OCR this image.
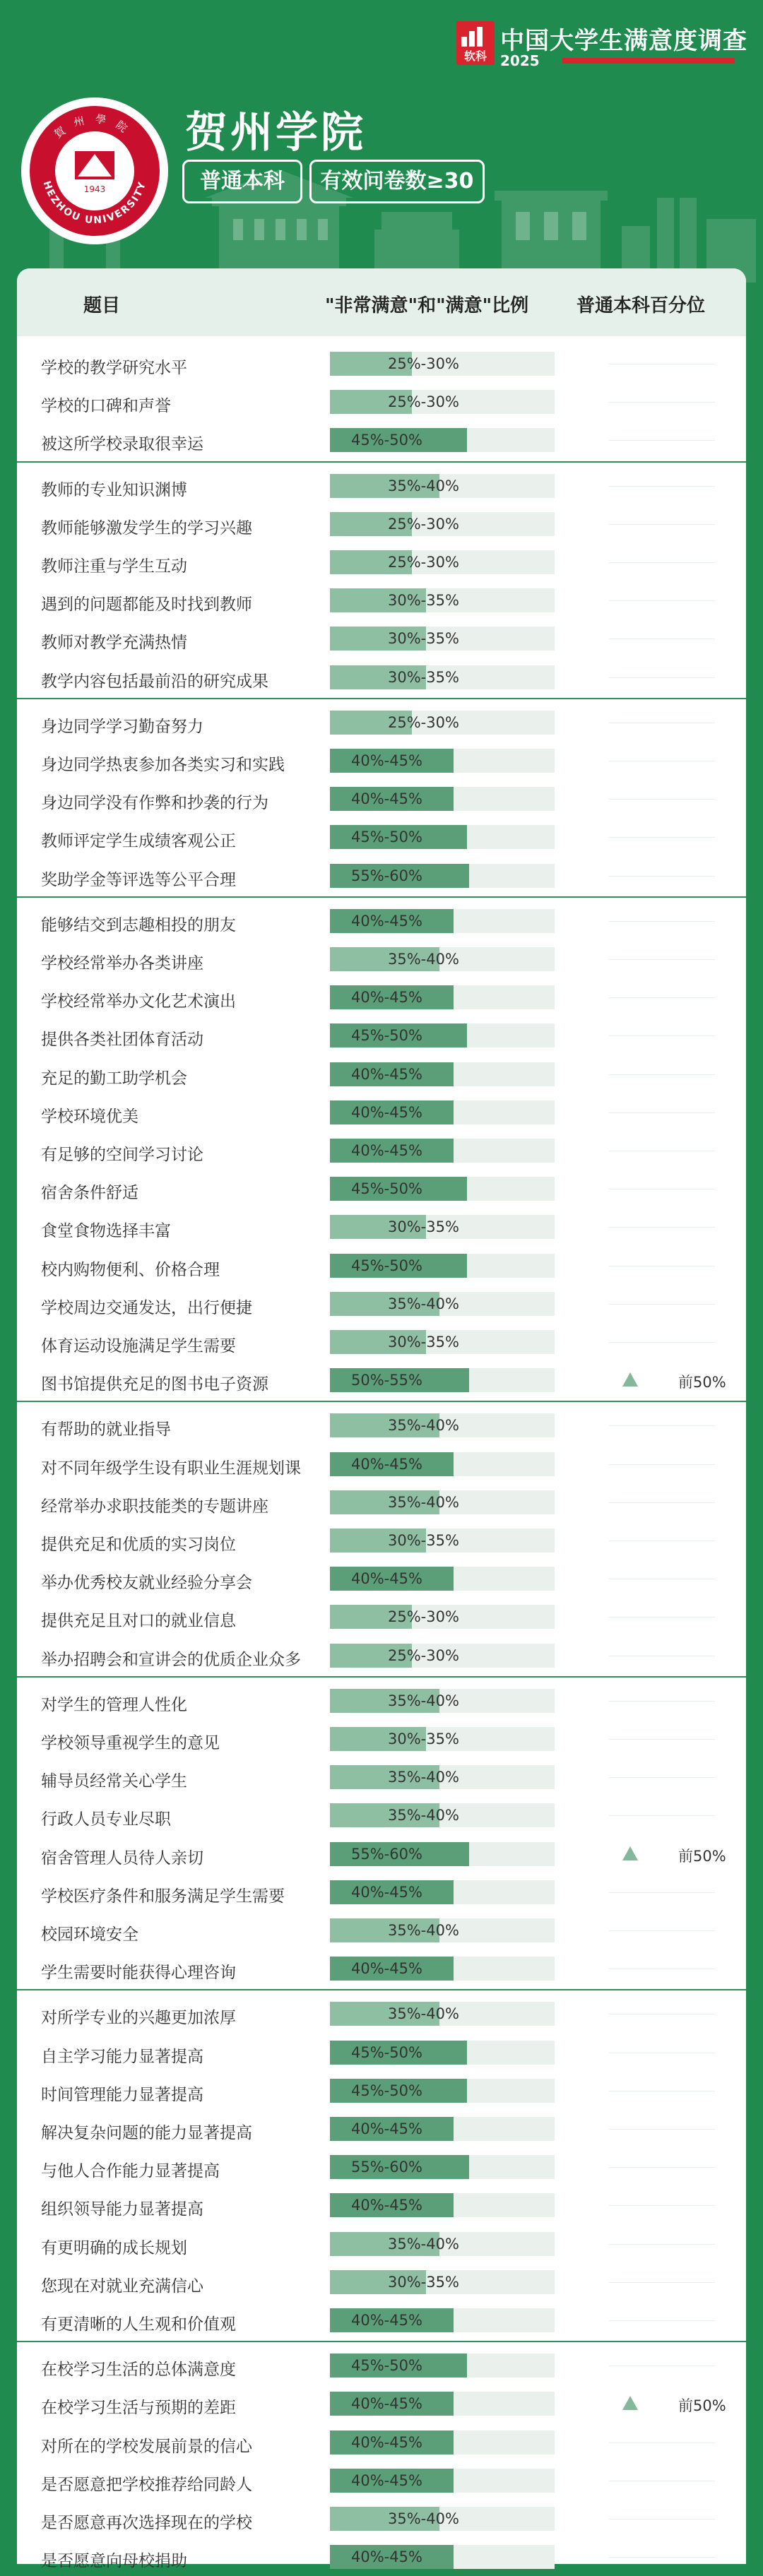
软科
中国大学生满意度调查
2025
HEZHOU UNIVERSITY
賀州學院
1943
贺州学院
普通本科	有效问卷数≥30
题目	"非常满意"和"满意"比例	普通本科百分位
学校的教学研究水平	25%-30%
学校的口碑和声誉	25%-30%
被这所学校录取很幸运	45%-50%
教师的专业知识渊博	35%-40%
教师能够激发学生的学习兴趣	25%-30%
教师注重与学生互动	25%-30%
遇到的问题都能及时找到教师	30%-35%
教师对教学充满热情	30%-35%
教学内容包括最前沿的研究成果	30%-35%
身边同学学习勤奋努力	25%-30%
身边同学热衷参加各类实习和实践	40%-45%
身边同学没有作弊和抄袭的行为	40%-45%
教师评定学生成绩客观公正	45%-50%
奖助学金等评选等公平合理	55%-60%
能够结交到志趣相投的朋友	40%-45%
学校经常举办各类讲座	35%-40%
学校经常举办文化艺术演出	40%-45%
提供各类社团体育活动	45%-50%
充足的勤工助学机会	40%-45%
学校环境优美	40%-45%
有足够的空间学习讨论	40%-45%
宿舍条件舒适	45%-50%
食堂食物选择丰富	30%-35%
校内购物便利、价格合理	45%-50%
学校周边交通发达，出行便捷	35%-40%
体育运动设施满足学生需要	30%-35%
图书馆提供充足的图书电子资源	50%-55%	前50%
有帮助的就业指导	35%-40%
对不同年级学生设有职业生涯规划课	40%-45%
经常举办求职技能类的专题讲座	35%-40%
提供充足和优质的实习岗位	30%-35%
举办优秀校友就业经验分享会	40%-45%
提供充足且对口的就业信息	25%-30%
举办招聘会和宣讲会的优质企业众多	25%-30%
对学生的管理人性化	35%-40%
学校领导重视学生的意见	30%-35%
辅导员经常关心学生	35%-40%
行政人员专业尽职	35%-40%
宿舍管理人员待人亲切	55%-60%	前50%
学校医疗条件和服务满足学生需要	40%-45%
校园环境安全	35%-40%
学生需要时能获得心理咨询	40%-45%
对所学专业的兴趣更加浓厚	35%-40%
自主学习能力显著提高	45%-50%
时间管理能力显著提高	45%-50%
解决复杂问题的能力显著提高	40%-45%
与他人合作能力显著提高	55%-60%
组织领导能力显著提高	40%-45%
有更明确的成长规划	35%-40%
您现在对就业充满信心	30%-35%
有更清晰的人生观和价值观	40%-45%
在校学习生活的总体满意度	45%-50%
在校学习生活与预期的差距	40%-45%	前50%
对所在的学校发展前景的信心	40%-45%
是否愿意把学校推荐给同龄人	40%-45%
是否愿意再次选择现在的学校	35%-40%
是否愿意向母校捐助	40%-45%
